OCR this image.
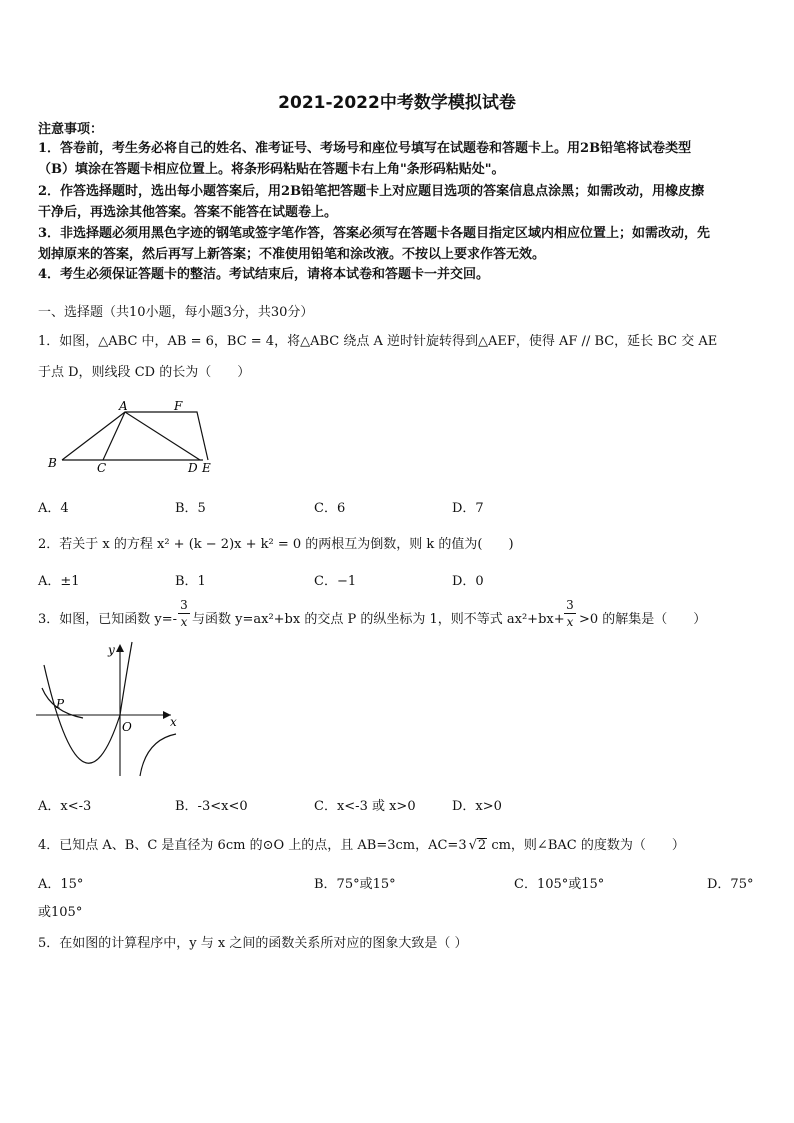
2021-2022中考数学模拟试卷
注意事项：
1．答卷前，考生务必将自己的姓名、准考证号、考场号和座位号填写在试题卷和答题卡上。用2B铅笔将试卷类型
（B）填涂在答题卡相应位置上。将条形码粘贴在答题卡右上角"条形码粘贴处"。
2．作答选择题时，选出每小题答案后，用2B铅笔把答题卡上对应题目选项的答案信息点涂黑；如需改动，用橡皮擦
干净后，再选涂其他答案。答案不能答在试题卷上。
3．非选择题必须用黑色字迹的钢笔或签字笔作答，答案必须写在答题卡各题目指定区域内相应位置上；如需改动，先
划掉原来的答案，然后再写上新答案；不准使用铅笔和涂改液。不按以上要求作答无效。
4．考生必须保证答题卡的整洁。考试结束后，请将本试卷和答题卡一并交回。
一、选择题（共10小题，每小题3分，共30分）
1．如图，△ABC 中，AB = 6，BC = 4，将△ABC 绕点 A 逆时针旋转得到△AEF，使得 AF // BC，延长 BC 交 AE
于点 D，则线段 CD 的长为（　　）
A	F
B	C	D E
A．4	B．5	C．6	D．7
2．若关于 x 的方程 x² + (k − 2)x + k² = 0 的两根互为倒数，则 k 的值为(　　)
A．±1	B．1	C．−1	D．0
3．如图，已知函数 y=-
3
x 与函数 y=ax²+bx 的交点 P 的纵坐标为 1，则不等式 ax²+bx+
3
x >0 的解集是（　　）
y
x
P
O
A．x<-3	B．-3<x<0	C．x<-3 或 x>0	D．x>0
4．已知点 A、B、C 是直径为 6cm 的⊙O 上的点，且 AB=3cm，AC=3 √2 cm，则∠BAC 的度数为（　　）
A．15°	B．75°或15°	C．105°或15°	D．75°
或105°
5．在如图的计算程序中，y 与 x 之间的函数关系所对应的图象大致是（ ）
